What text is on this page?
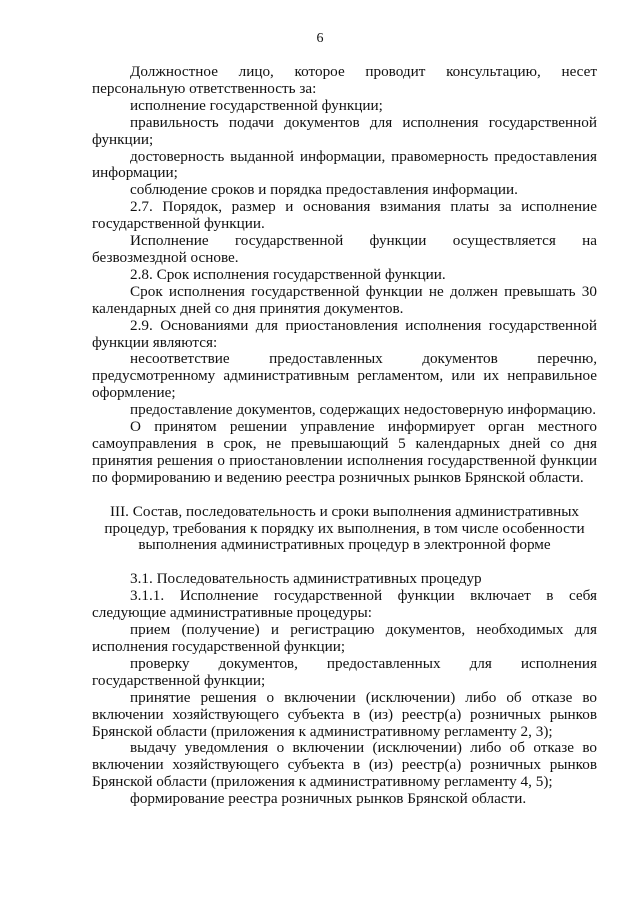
6

Должностное лицо, которое проводит консультацию, несет персональную ответственность за:

исполнение государственной функции;

правильность подачи документов для исполнения государственной функции;

достоверность выданной информации, правомерность предоставления информации;

соблюдение сроков и порядка предоставления информации.

2.7. Порядок, размер и основания взимания платы за исполнение государственной функции.

Исполнение государственной функции осуществляется на безвозмездной основе.

2.8. Срок исполнения государственной функции.

Срок исполнения государственной функции не должен превышать 30 календарных дней со дня принятия документов.

2.9. Основаниями для приостановления исполнения государственной функции являются:

несоответствие предоставленных документов перечню, предусмотренному административным регламентом, или их неправильное оформление;

предоставление документов, содержащих недостоверную информацию.

О принятом решении управление информирует орган местного самоуправления в срок, не превышающий 5 календарных дней со дня принятия решения о приостановлении исполнения государственной функции по формированию и ведению реестра розничных рынков Брянской области.

III. Состав, последовательность и сроки выполнения административных процедур, требования к порядку их выполнения, в том числе особенности выполнения административных процедур в электронной форме

3.1. Последовательность административных процедур

3.1.1. Исполнение государственной функции включает в себя следующие административные процедуры:

прием (получение) и регистрацию документов, необходимых для исполнения государственной функции;

проверку документов, предоставленных для исполнения государственной функции;

принятие решения о включении (исключении) либо об отказе во включении хозяйствующего субъекта в (из) реестр(а) розничных рынков Брянской области (приложения к административному регламенту 2, 3);

выдачу уведомления о включении (исключении) либо об отказе во включении хозяйствующего субъекта в (из) реестр(а) розничных рынков Брянской области (приложения к административному регламенту 4, 5);

формирование реестра розничных рынков Брянской области.
